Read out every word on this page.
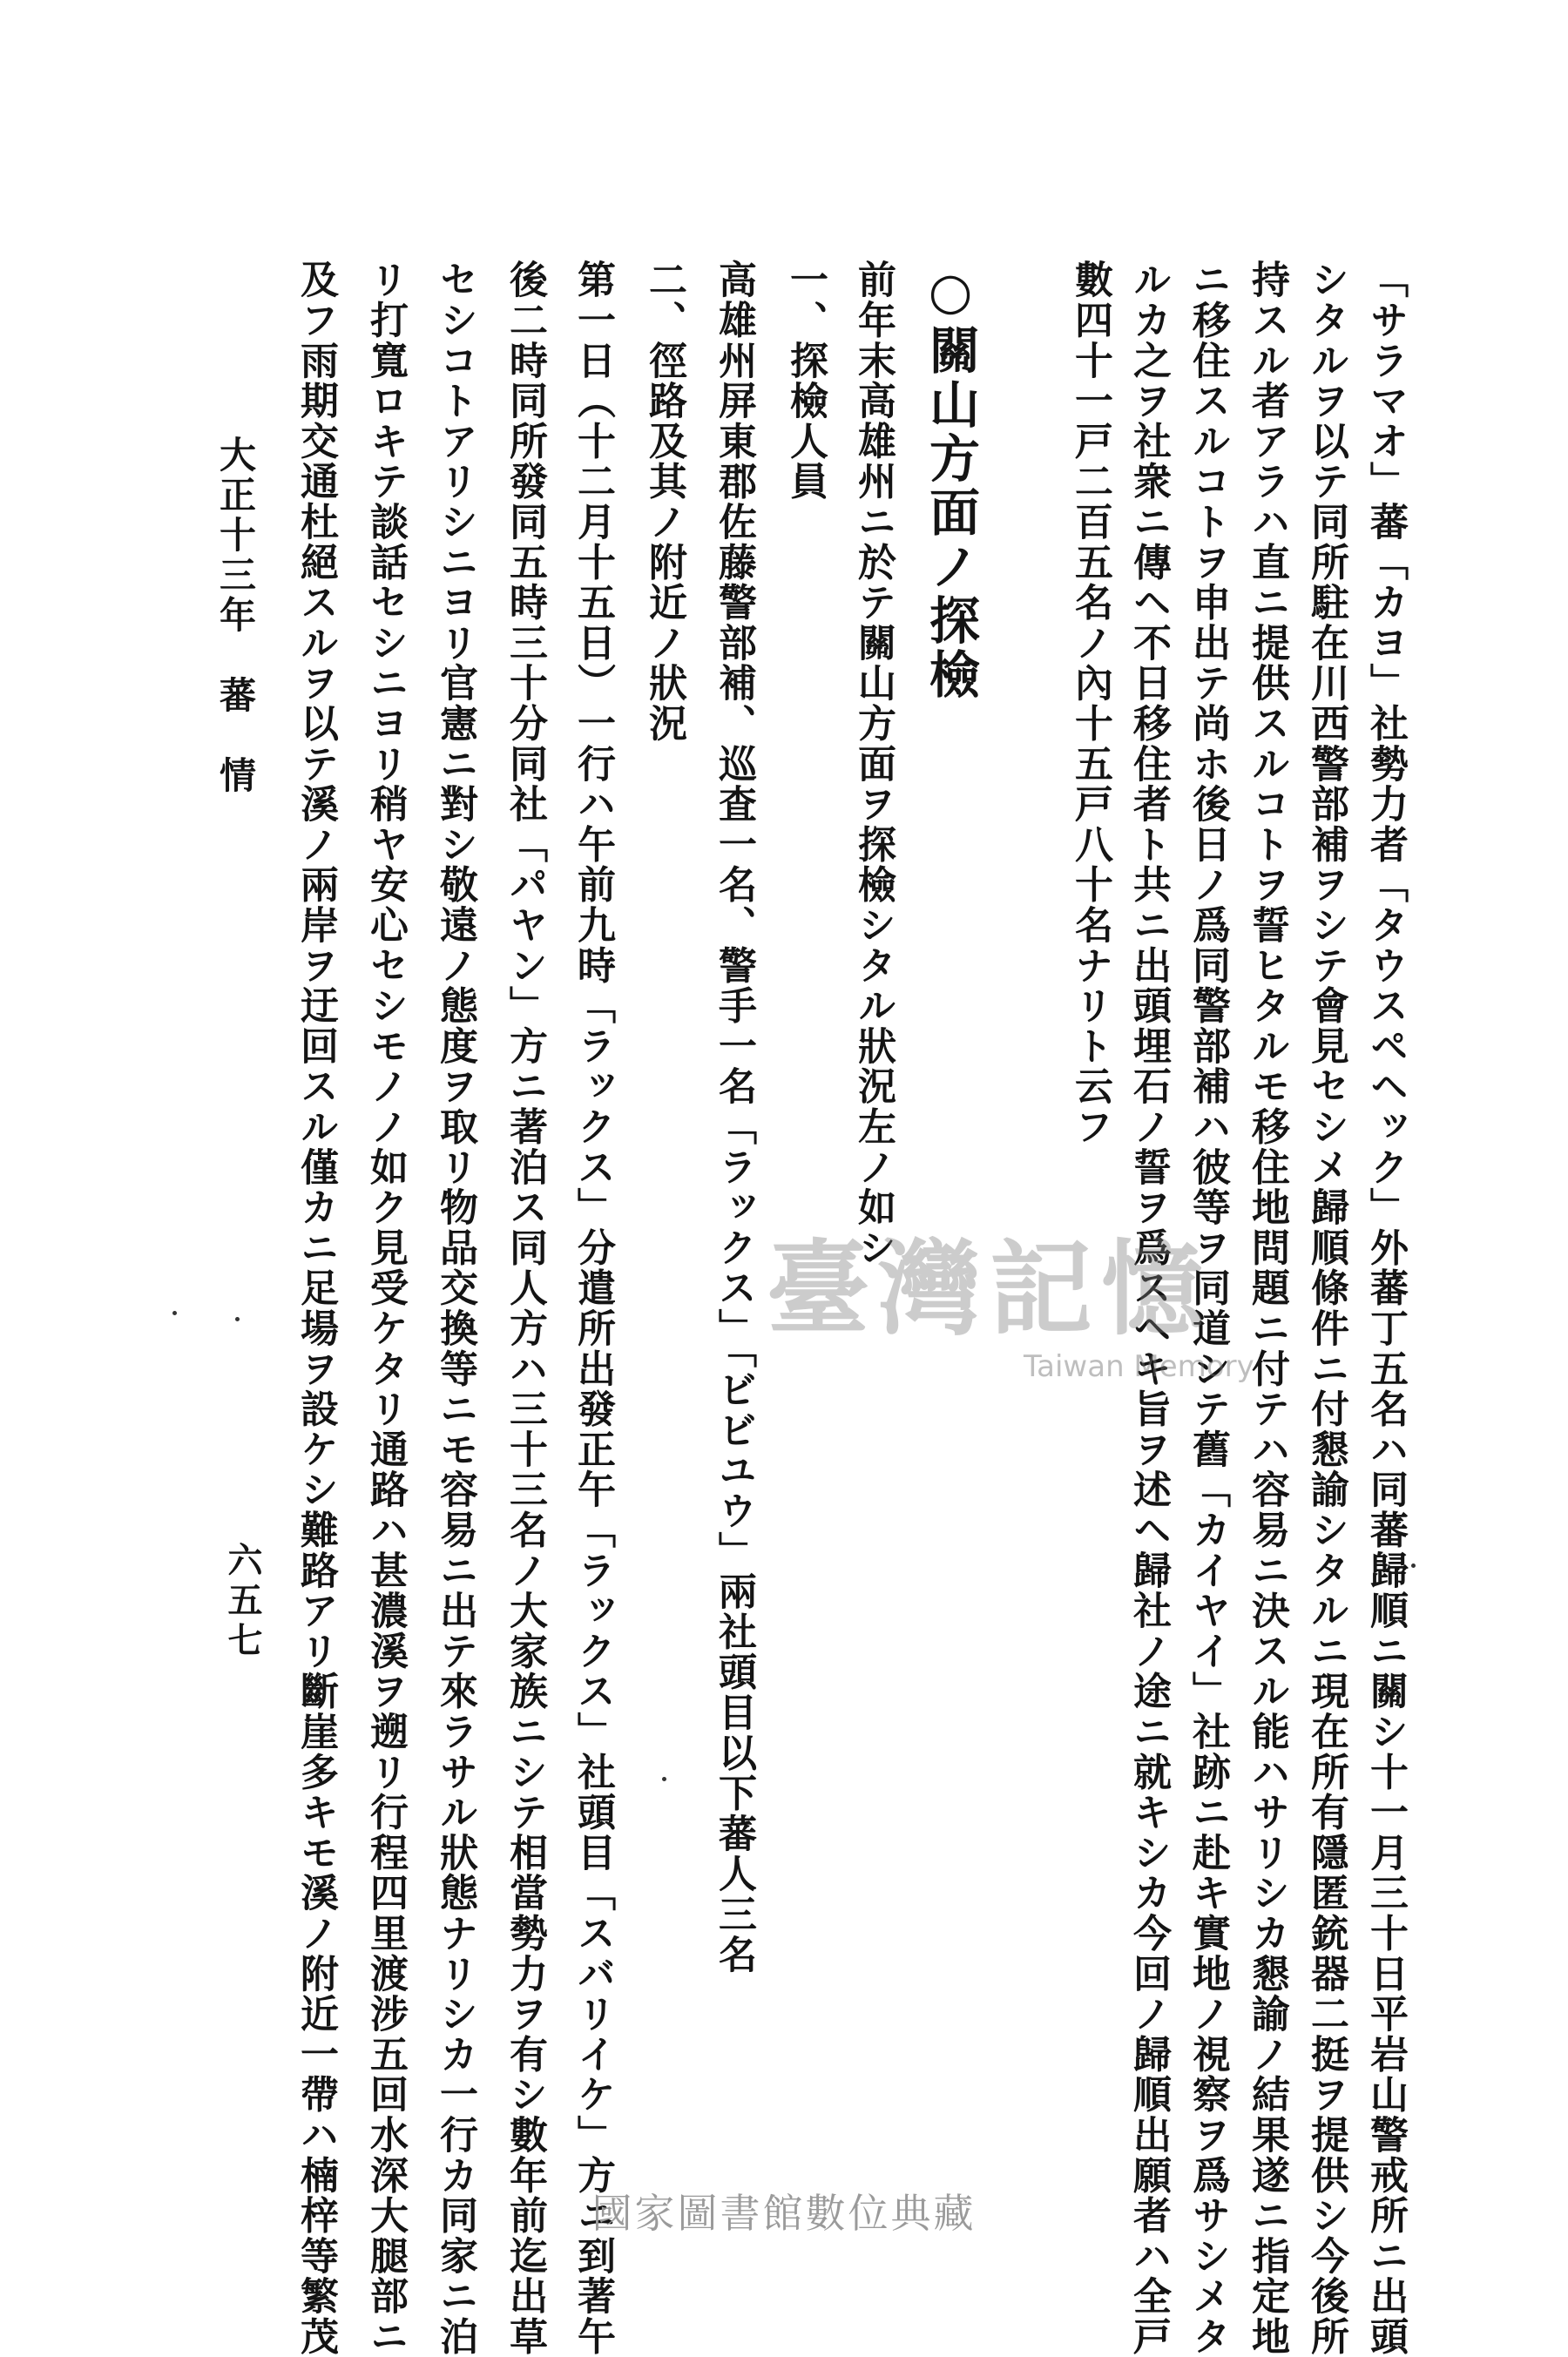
「サラマオ」蕃「カヨ」社勢力者「タウスペヘック」外蕃丁五名ハ同蕃歸順ニ關シ十一月三十日平岩山警戒所ニ出頭
シタルヲ以テ同所駐在川西警部補ヲシテ會見セシメ歸順條件ニ付懇諭シタルニ現在所有隱匿銃器二挺ヲ提供シ今後所
持スル者アラハ直ニ提供スルコトヲ誓ヒタルモ移住地問題ニ付テハ容易ニ決スル能ハサリシカ懇諭ノ結果遂ニ指定地
ニ移住スルコトヲ申出テ尚ホ後日ノ爲同警部補ハ彼等ヲ同道シテ舊「カイヤイ」社跡ニ赴キ實地ノ視察ヲ爲サシメタ
ルカ之ヲ社衆ニ傳ヘ不日移住者ト共ニ出頭埋石ノ誓ヲ爲スヘキ旨ヲ述ヘ歸社ノ途ニ就キシカ今回ノ歸順出願者ハ全戸
數四十一戸二百五名ノ內十五戸八十名ナリト云フ
○關山方面ノ探檢
前年末高雄州ニ於テ關山方面ヲ探檢シタル狀況左ノ如シ
一、探檢人員
高雄州屏東郡佐藤警部補、巡査一名、警手一名「ラックス」「ビビユウ」兩社頭目以下蕃人三名
二、徑路及其ノ附近ノ狀況
第一日（十二月十五日）一行ハ午前九時「ラックス」分遣所出發正午「ラックス」社頭目「スバリイケ」方ニ到著午
後二時同所發同五時三十分同社「パヤン」方ニ著泊ス同人方ハ三十三名ノ大家族ニシテ相當勢力ヲ有シ數年前迄出草
セシコトアリシニヨリ官憲ニ對シ敬遠ノ態度ヲ取リ物品交換等ニモ容易ニ出テ來ラサル狀態ナリシカ一行カ同家ニ泊
リ打寬ロキテ談話セシニヨリ稍ヤ安心セシモノノ如ク見受ケタリ通路ハ甚濃溪ヲ遡リ行程四里渡涉五回水深大腿部ニ
及フ雨期交通杜絕スルヲ以テ溪ノ兩岸ヲ迂回スル僅カニ足場ヲ設ケシ難路アリ斷崖多キモ溪ノ附近一帶ハ楠梓等繁茂
大正十三年　蕃　情
六五七
臺灣記憶
Taiwan Memory
國家圖書館數位典藏
